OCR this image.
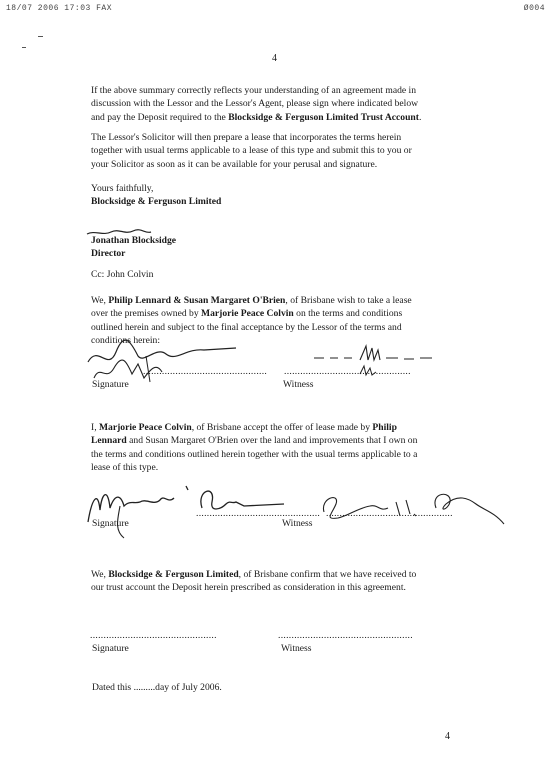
18/07 2006 17:03 FAX	Ø004
4

If the above summary correctly reflects your understanding of an agreement made in
discussion with the Lessor and the Lessor's Agent, please sign where indicated below
and pay the Deposit required to the Blocksidge & Ferguson Limited Trust Account.

The Lessor's Solicitor will then prepare a lease that incorporates the terms herein
together with usual terms applicable to a lease of this type and submit this to you or
your Solicitor as soon as it can be available for your perusal and signature.

Yours faithfully,
Blocksidge & Ferguson Limited

Jonathan Blocksidge
Director

Cc: John Colvin

We, Philip Lennard & Susan Margaret O'Brien, of Brisbane wish to take a lease
over the premises owned by Marjorie Peace Colvin on the terms and conditions
outlined herein and subject to the final acceptance by the Lessor of the terms and
conditions herein:

.............................................. ...............................................
Signature	Witness

I, Marjorie Peace Colvin, of Brisbane accept the offer of lease made by Philip
Lennard and Susan Margaret O'Brien over the land and improvements that I own on
the terms and conditions outlined herein together with the usual terms applicable to a
lease of this type.

.............................................. ...............................................
Signature	Witness

We, Blocksidge & Ferguson Limited, of Brisbane confirm that we have received to
our trust account the Deposit herein prescribed as consideration in this agreement.

...............................................	..................................................
Signature	Witness
Dated this .........day of July 2006.
4
